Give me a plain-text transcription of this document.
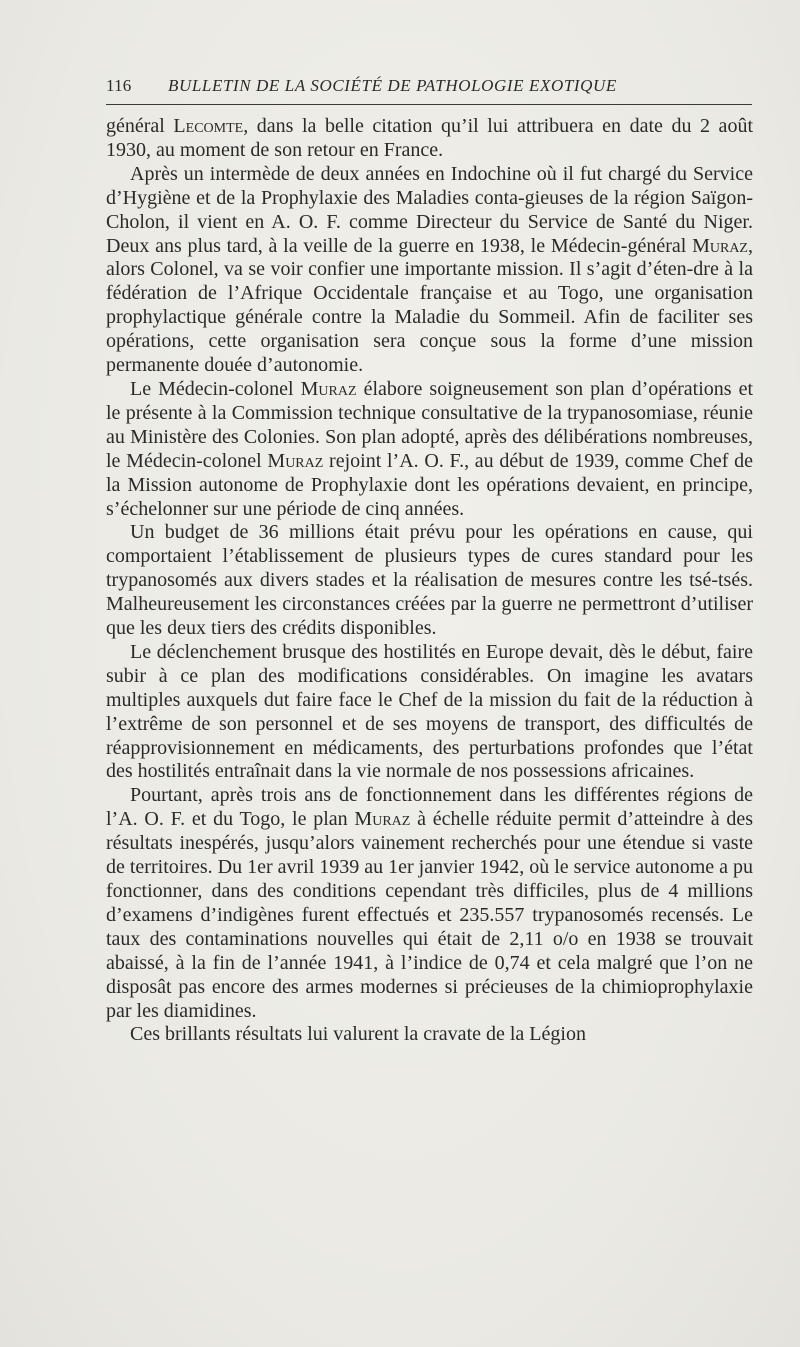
116 BULLETIN DE LA SOCIÉTÉ DE PATHOLOGIE EXOTIQUE

général Lecomte, dans la belle citation qu’il lui attribuera en date du 2 août 1930, au moment de son retour en France.

Après un intermède de deux années en Indochine où il fut chargé du Service d’Hygiène et de la Prophylaxie des Maladies conta-gieuses de la région Saïgon-Cholon, il vient en A. O. F. comme Directeur du Service de Santé du Niger. Deux ans plus tard, à la veille de la guerre en 1938, le Médecin-général Muraz, alors Colonel, va se voir confier une importante mission. Il s’agit d’éten-dre à la fédération de l’Afrique Occidentale française et au Togo, une organisation prophylactique générale contre la Maladie du Sommeil. Afin de faciliter ses opérations, cette organisation sera conçue sous la forme d’une mission permanente douée d’autonomie.

Le Médecin-colonel Muraz élabore soigneusement son plan d’opérations et le présente à la Commission technique consultative de la trypanosomiase, réunie au Ministère des Colonies. Son plan adopté, après des délibérations nombreuses, le Médecin-colonel Muraz rejoint l’A. O. F., au début de 1939, comme Chef de la Mission autonome de Prophylaxie dont les opérations devaient, en principe, s’échelonner sur une période de cinq années.

Un budget de 36 millions était prévu pour les opérations en cause, qui comportaient l’établissement de plusieurs types de cures standard pour les trypanosomés aux divers stades et la réalisation de mesures contre les tsé-tsés. Malheureusement les circonstances créées par la guerre ne permettront d’utiliser que les deux tiers des crédits disponibles.

Le déclenchement brusque des hostilités en Europe devait, dès le début, faire subir à ce plan des modifications considérables. On imagine les avatars multiples auxquels dut faire face le Chef de la mission du fait de la réduction à l’extrême de son personnel et de ses moyens de transport, des difficultés de réapprovisionnement en médicaments, des perturbations profondes que l’état des hostilités entraînait dans la vie normale de nos possessions africaines.

Pourtant, après trois ans de fonctionnement dans les différentes régions de l’A. O. F. et du Togo, le plan Muraz à échelle réduite permit d’atteindre à des résultats inespérés, jusqu’alors vainement recherchés pour une étendue si vaste de territoires. Du 1er avril 1939 au 1er janvier 1942, où le service autonome a pu fonctionner, dans des conditions cependant très difficiles, plus de 4 millions d’examens d’indigènes furent effectués et 235.557 trypanosomés recensés. Le taux des contaminations nouvelles qui était de 2,11 o/o en 1938 se trouvait abaissé, à la fin de l’année 1941, à l’indice de 0,74 et cela malgré que l’on ne disposât pas encore des armes modernes si précieuses de la chimioprophylaxie par les diamidines.

Ces brillants résultats lui valurent la cravate de la Légion
